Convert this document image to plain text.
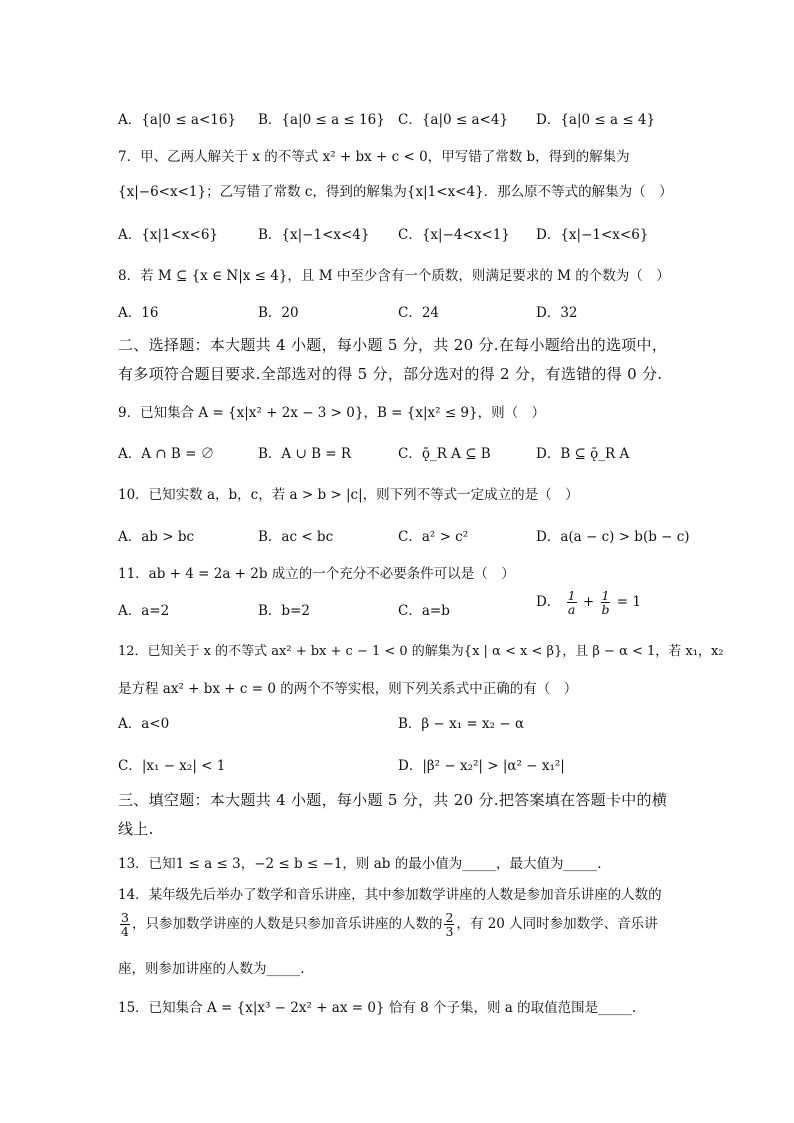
A．{a|0 ≤ a<16} B．{a|0 ≤ a ≤ 16} C．{a|0 ≤ a<4} D．{a|0 ≤ a ≤ 4}
7．甲、乙两人解关于 x 的不等式 x² + bx + c < 0，甲写错了常数 b，得到的解集为
{x|−6<x<1}；乙写错了常数 c，得到的解集为{x|1<x<4}．那么原不等式的解集为（　）
A．{x|1<x<6}	B．{x|−1<x<4} C．{x|−4<x<1} D．{x|−1<x<6}
8．若 M ⊆ {x ∈ N|x ≤ 4}，且 M 中至少含有一个质数，则满足要求的 M 的个数为（　）
A．16	B．20	C．24	D．32
二、选择题：本大题共 4 小题，每小题 5 分，共 20 分.在每小题给出的选项中，
有多项符合题目要求.全部选对的得 5 分，部分选对的得 2 分，有选错的得 0 分.
9．已知集合 A = {x|x² + 2x − 3 > 0}，B = {x|x² ≤ 9}，则（　）
A．A ∩ B = ∅	B．A ∪ B = R	C．ǭ_R A ⊆ B	D．B ⊆ ǭ_R A
10．已知实数 a，b，c，若 a > b > |c|，则下列不等式一定成立的是（　）
A．ab > bc	B．ac < bc	C．a² > c²	D．a(a − c) > b(b − c)
11．ab + 4 = 2a + 2b 成立的一个充分不必要条件可以是（　）
A．a=2	B．b=2	C．a=b
D． $\frac{1}{a} + \frac{1}{b} = 1$
12．已知关于 x 的不等式 ax² + bx + c − 1 < 0 的解集为{x | α < x < β}，且 β − α < 1，若 x₁，x₂
是方程 ax² + bx + c = 0 的两个不等实根，则下列关系式中正确的有（　）
A．a<0	B．β − x₁ = x₂ − α
C．|x₁ − x₂| < 1	D．|β² − x₂²| > |α² − x₁²|
三、填空题：本大题共 4 小题，每小题 5 分，共 20 分.把答案填在答题卡中的横
线上.
13．已知1 ≤ a ≤ 3，−2 ≤ b ≤ −1，则 ab 的最小值为_____，最大值为_____.
14．某年级先后举办了数学和音乐讲座，其中参加数学讲座的人数是参加音乐讲座的人数的
$\frac{3}{4}$ ，只参加数学讲座的人数是只参加音乐讲座的人数的 $\frac{2}{3}$ ，有 20 人同时参加数学、音乐讲
座，则参加讲座的人数为_____.
15．已知集合 A = {x|x³ − 2x² + ax = 0} 恰有 8 个子集，则 a 的取值范围是_____.
